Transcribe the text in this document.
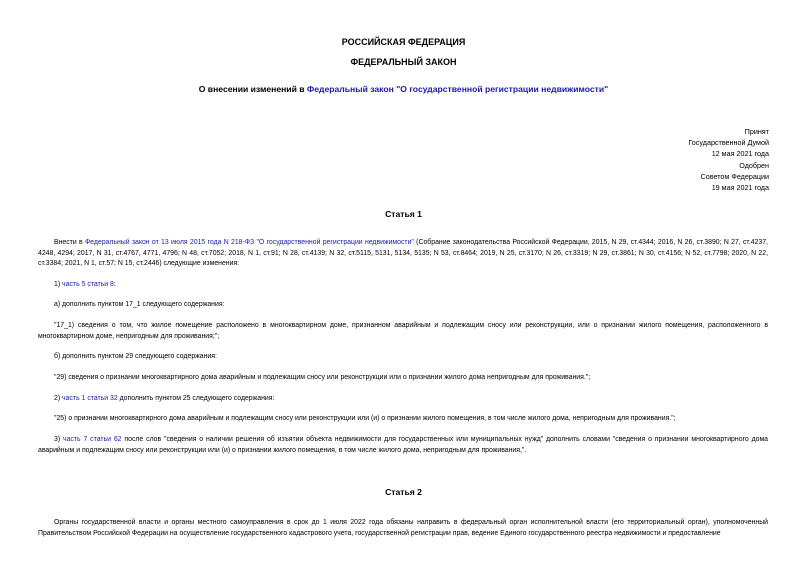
РОССИЙСКАЯ ФЕДЕРАЦИЯ
ФЕДЕРАЛЬНЫЙ ЗАКОН
О внесении изменений в Федеральный закон "О государственной регистрации недвижимости"
Принят
Государственной Думой
12 мая 2021 года
Одобрен
Советом Федерации
19 мая 2021 года
Статья 1
Внести в Федеральный закон от 13 июля 2015 года N 218-ФЗ "О государственной регистрации недвижимости" (Собрание законодательства Российской Федерации, 2015, N 29, ст.4344; 2016, N 26, ст.3890; N 27, ст.4237, 4248, 4294; 2017, N 31, ст.4767, 4771, 4796; N 48, ст.7052; 2018, N 1, ст.91; N 28, ст.4139; N 32, ст.5115, 5131, 5134, 5135; N 53, ст.8464; 2019, N 25, ст.3170; N 26, ст.3319; N 29, ст.3861; N 30, ст.4156; N 52, ст.7798; 2020, N 22, ст.3384; 2021, N 1, ст.57; N 15, ст.2446) следующие изменения:
1) часть 5 статьи 8:
а) дополнить пунктом 17_1 следующего содержания:
"17_1) сведения о том, что жилое помещение расположено в многоквартирном доме, признанном аварийным и подлежащим сносу или реконструкции, или о признании жилого помещения, расположенного в многоквартирном доме, непригодным для проживания;";
б) дополнить пунктом 29 следующего содержания:
"29) сведения о признании многоквартирного дома аварийным и подлежащим сносу или реконструкции или о признании жилого дома непригодным для проживания.";
2) часть 1 статьи 32 дополнить пунктом 25 следующего содержания:
"25) о признании многоквартирного дома аварийным и подлежащим сносу или реконструкции или (и) о признании жилого помещения, в том числе жилого дома, непригодным для проживания.";
3) часть 7 статьи 62 после слов "сведения о наличии решения об изъятии объекта недвижимости для государственных или муниципальных нужд" дополнить словами "сведения о признании многоквартирного дома аварийным и подлежащим сносу или реконструкции или (и) о признании жилого помещения, в том числе жилого дома, непригодным для проживания,".
Статья 2
Органы государственной власти и органы местного самоуправления в срок до 1 июля 2022 года обязаны направить в федеральный орган исполнительной власти (его территориальный орган), уполномоченный Правительством Российской Федерации на осуществление государственного кадастрового учета, государственной регистрации прав, ведение Единого государственного реестра недвижимости и предоставление
